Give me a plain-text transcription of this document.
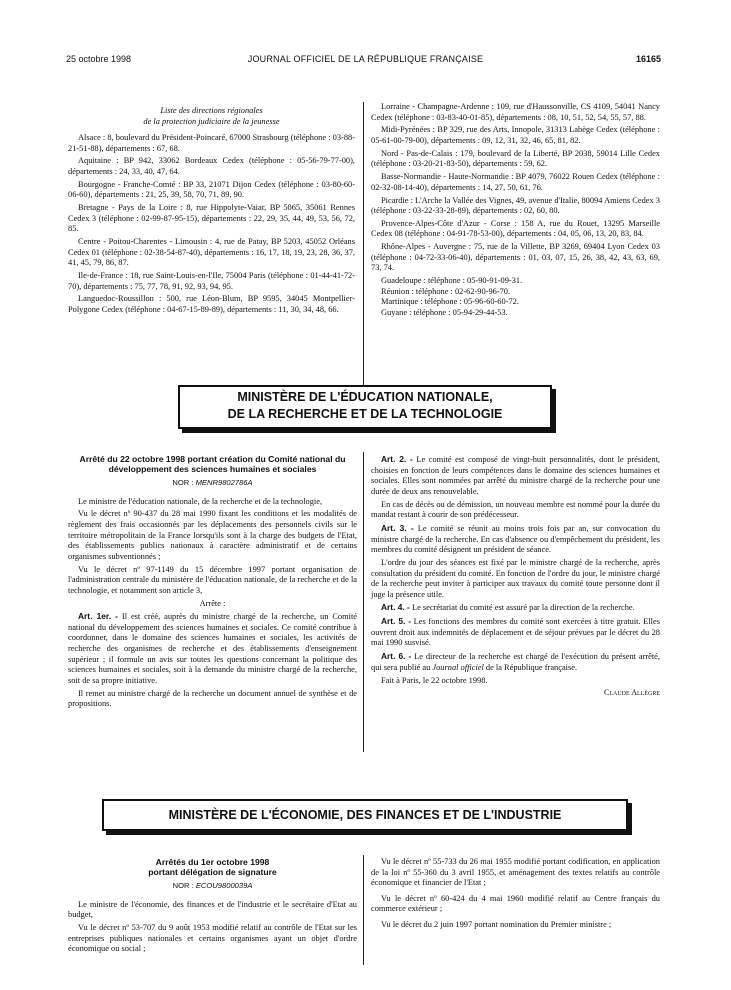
25 octobre 1998	JOURNAL OFFICIEL DE LA RÉPUBLIQUE FRANÇAISE	16165
Liste des directions régionales
de la protection judiciaire de la jeunesse

Alsace : 8, boulevard du Président-Poincaré, 67000 Strasbourg (téléphone : 03-88-21-51-88), départements : 67, 68.

Aquitaine : BP 942, 33062 Bordeaux Cedex (téléphone : 05-56-79-77-00), départements : 24, 33, 40, 47, 64.

Bourgogne - Franche-Comté : BP 33, 21071 Dijon Cedex (téléphone : 03-80-60-06-60), départements : 21, 25, 39, 58, 70, 71, 89, 90.

Bretagne - Pays de la Loire : 8, rue Hippolyte-Vaiar, BP 5065, 35061 Rennes Cedex 3 (téléphone : 02-99-87-95-15), départements : 22, 29, 35, 44, 49, 53, 56, 72, 85.

Centre - Poitou-Charentes - Limousin : 4, rue de Patay, BP 5203, 45052 Orléans Cedex 01 (téléphone : 02-38-54-87-40), départements : 16, 17, 18, 19, 23, 28, 36, 37, 41, 45, 79, 86, 87.

Ile-de-France : 18, rue Saint-Louis-en-l'Ile, 75004 Paris (téléphone : 01-44-41-72-70), départements : 75, 77, 78, 91, 92, 93, 94, 95.

Languedoc-Roussillon : 500, rue Léon-Blum, BP 9595, 34045 Montpellier-Polygone Cedex (téléphone : 04-67-15-89-89), départements : 11, 30, 34, 48, 66.

Lorraine - Champagne-Ardenne : 109, rue d'Haussonville, CS 4109, 54041 Nancy Cedex (téléphone : 03-83-40-01-85), départements : 08, 10, 51, 52, 54, 55, 57, 88.

Midi-Pyrénées : BP 329, rue des Arts, Innopole, 31313 Labège Cedex (téléphone : 05-61-00-79-00), départements : 09, 12, 31, 32, 46, 65, 81, 82.

Nord - Pas-de-Calais : 179, boulevard de la Liberté, BP 2038, 59014 Lille Cedex (téléphone : 03-20-21-83-50), départements : 59, 62.

Basse-Normandie - Haute-Normandie : BP 4079, 76022 Rouen Cedex (téléphone : 02-32-08-14-40), départements : 14, 27, 50, 61, 76.

Picardie : L'Arche la Vallée des Vignes, 49, avenue d'Italie, 80094 Amiens Cedex 3 (téléphone : 03-22-33-28-89), départements : 02, 60, 80.

Provence-Alpes-Côte d'Azur - Corse : 158 A, rue du Rouet, 13295 Marseille Cedex 08 (téléphone : 04-91-78-53-00), départements : 04, 05, 06, 13, 20, 83, 84.

Rhône-Alpes - Auvergne : 75, rue de la Villette, BP 3269, 69404 Lyon Cedex 03 (téléphone : 04-72-33-06-40), départements : 01, 03, 07, 15, 26, 38, 42, 43, 63, 69, 73, 74.

Guadeloupe : téléphone : 05-90-91-09-31.

Réunion : téléphone : 02-62-90-96-70.

Martinique : téléphone : 05-96-60-60-72.

Guyane : téléphone : 05-94-29-44-53.

MINISTÈRE DE L'ÉDUCATION NATIONALE,
DE LA RECHERCHE ET DE LA TECHNOLOGIE
Arrêté du 22 octobre 1998 portant création du Comité national du développement des sciences humaines et sociales
NOR : MENR9802786A

Le ministre de l'éducation nationale, de la recherche et de la technologie,

Vu le décret nº 90-437 du 28 mai 1990 fixant les conditions et les modalités de règlement des frais occasionnés par les déplacements des personnels civils sur le territoire métropolitain de la France lorsqu'ils sont à la charge des budgets de l'Etat, des établissements publics nationaux à caractère administratif et de certains organismes subventionnés ;

Vu le décret nº 97-1149 du 15 décembre 1997 portant organisation de l'administration centrale du ministère de l'éducation nationale, de la recherche et de la technologie, et notamment son article 3,

Arrête :

Art. 1er. - Il est créé, auprès du ministre chargé de la recherche, un Comité national du développement des sciences humaines et sociales. Ce comité contribue à coordonner, dans le domaine des sciences humaines et sociales, les activités de recherche des organismes de recherche et des établissements d'enseignement supérieur ; il formule un avis sur toutes les questions concernant la politique des sciences humaines et sociales, soit à la demande du ministre chargé de la recherche, soit de sa propre initiative.

Il remet au ministre chargé de la recherche un document annuel de synthèse et de propositions.

Art. 2. - Le comité est composé de vingt-huit personnalités, dont le président, choisies en fonction de leurs compétences dans le domaine des sciences humaines et sociales. Elles sont nommées par arrêté du ministre chargé de la recherche pour une durée de deux ans renouvelable.

En cas de décès ou de démission, un nouveau membre est nommé pour la durée du mandat restant à courir de son prédécesseur.

Art. 3. - Le comité se réunit au moins trois fois par an, sur convocation du ministre chargé de la recherche. En cas d'absence ou d'empêchement du président, les membres du comité désignent un président de séance.

L'ordre du jour des séances est fixé par le ministre chargé de la recherche, après consultation du président du comité. En fonction de l'ordre du jour, le ministre chargé de la recherche peut inviter à participer aux travaux du comité toute personne dont il juge la présence utile.

Art. 4. - Le secrétariat du comité est assuré par la direction de la recherche.

Art. 5. - Les fonctions des membres du comité sont exercées à titre gratuit. Elles ouvrent droit aux indemnités de déplacement et de séjour prévues par le décret du 28 mai 1990 susvisé.

Art. 6. - Le directeur de la recherche est chargé de l'exécution du présent arrêté, qui sera publié au Journal officiel de la République française.

Fait à Paris, le 22 octobre 1998.

Claude Allègre

MINISTÈRE DE L'ÉCONOMIE, DES FINANCES ET DE L'INDUSTRIE
Arrêtés du 1er octobre 1998
portant délégation de signature
NOR : ECOU9800039A

Le ministre de l'économie, des finances et de l'industrie et le secrétaire d'Etat au budget,

Vu le décret nº 53-707 du 9 août 1953 modifié relatif au contrôle de l'Etat sur les entreprises publiques nationales et certains organismes ayant un objet d'ordre économique ou social ;

Vu le décret nº 55-733 du 26 mai 1955 modifié portant codification, en application de la loi nº 55-360 du 3 avril 1955, et aménagement des textes relatifs au contrôle économique et financier de l'Etat ;

Vu le décret nº 60-424 du 4 mai 1960 modifié relatif au Centre français du commerce extérieur ;

Vu le décret du 2 juin 1997 portant nomination du Premier ministre ;
